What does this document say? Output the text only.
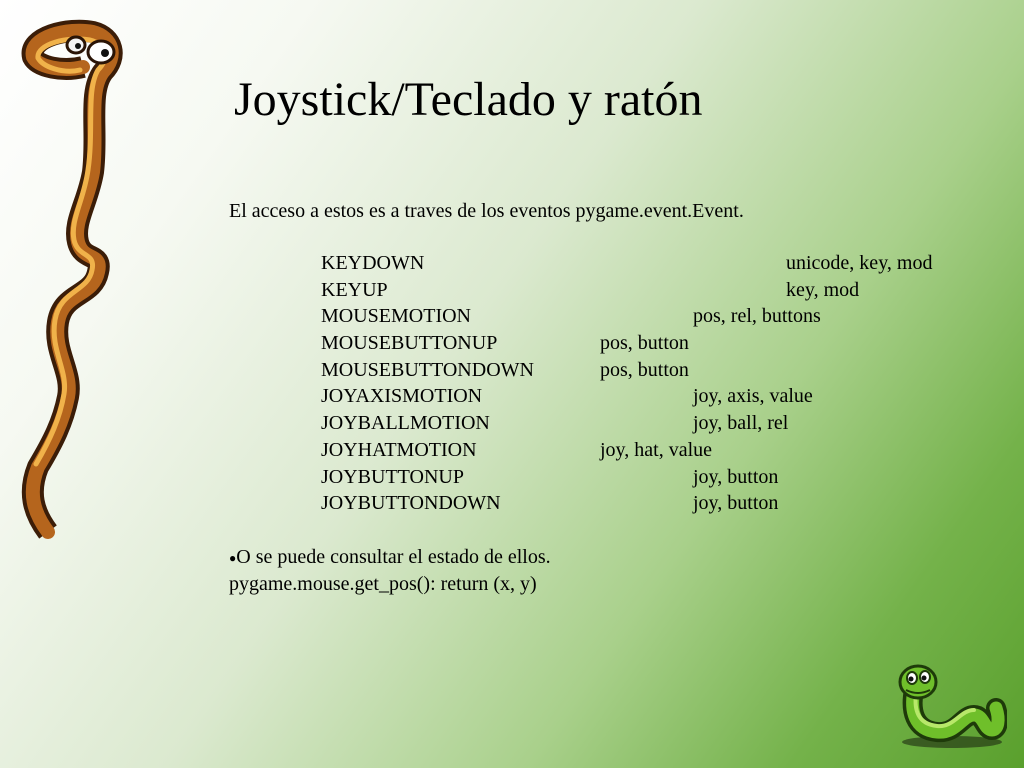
Joystick/Teclado y ratón
El acceso a estos es a traves de los eventos pygame.event.Event.
KEYDOWN	unicode, key, mod
KEYUP	key, mod
MOUSEMOTION	pos, rel, buttons
MOUSEBUTTONUP	pos, button
MOUSEBUTTONDOWN	pos, button
JOYAXISMOTION	joy, axis, value
JOYBALLMOTION	joy, ball, rel
JOYHATMOTION	joy, hat, value
JOYBUTTONUP	joy, button
JOYBUTTONDOWN	joy, button
●O se puede consultar el estado de ellos.
pygame.mouse.get_pos(): return (x, y)
